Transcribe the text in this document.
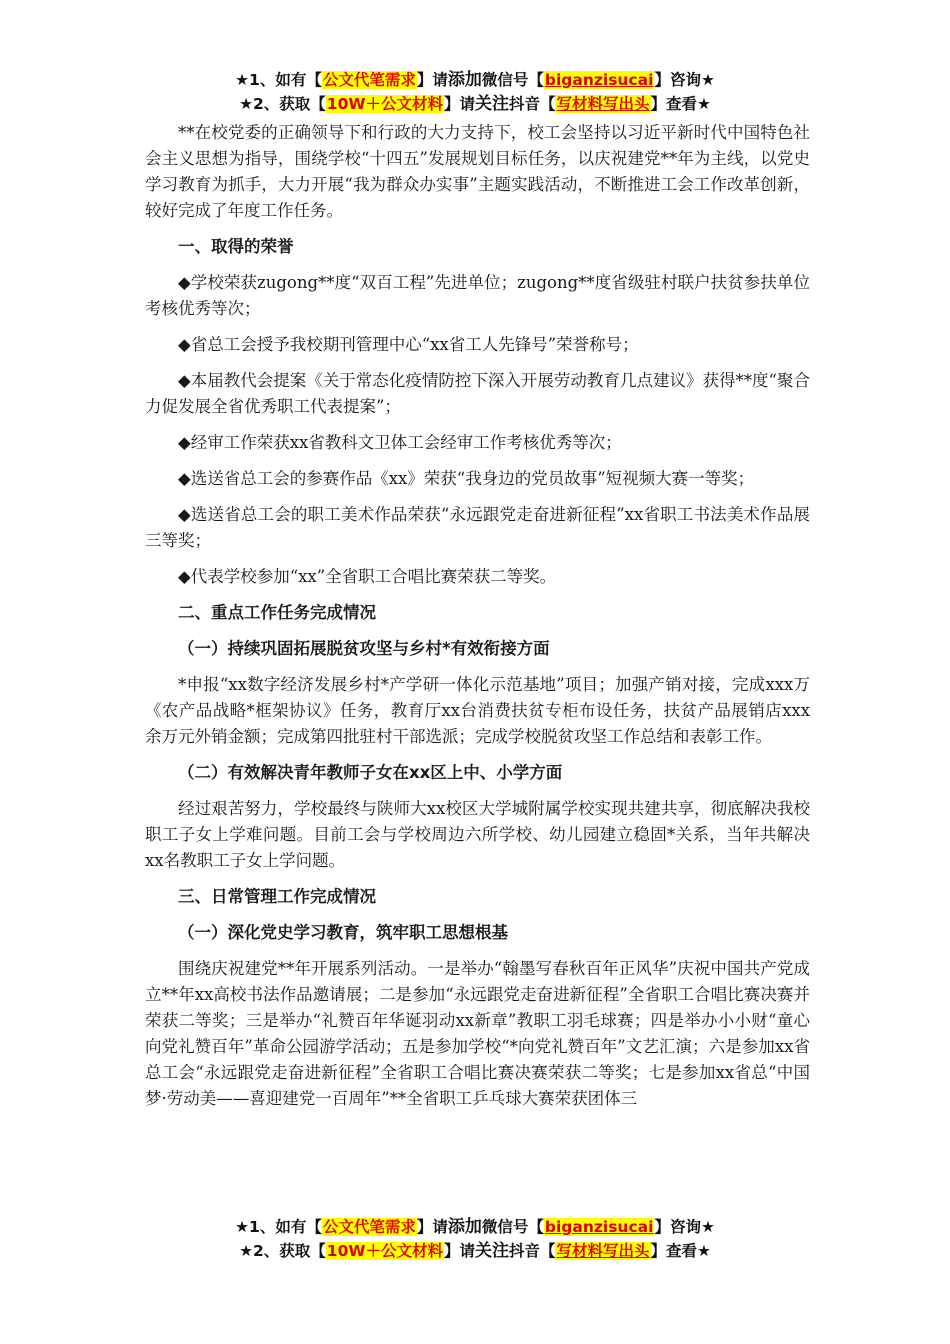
★1、如有【公文代笔需求】请添加微信号【biganzisucai】咨询★
★2、获取【10W＋公文材料】请关注抖音【写材料写出头】查看★

**在校党委的正确领导下和行政的大力支持下，校工会坚持以习近平新时代中国特色社会主义思想为指导，围绕学校“十四五”发展规划目标任务，以庆祝建党**年为主线，以党史学习教育为抓手，大力开展“我为群众办实事”主题实践活动，不断推进工会工作改革创新，较好完成了年度工作任务。

一、取得的荣誉

◆学校荣获zugong**度“双百工程”先进单位；zugong**度省级驻村联户扶贫参扶单位考核优秀等次；

◆省总工会授予我校期刊管理中心“xx省工人先锋号”荣誉称号；

◆本届教代会提案《关于常态化疫情防控下深入开展劳动教育几点建议》获得**度“聚合力促发展全省优秀职工代表提案”；

◆经审工作荣获xx省教科文卫体工会经审工作考核优秀等次；

◆选送省总工会的参赛作品《xx》荣获“我身边的党员故事”短视频大赛一等奖；

◆选送省总工会的职工美术作品荣获“永远跟党走奋进新征程”xx省职工书法美术作品展三等奖；

◆代表学校参加“xx”全省职工合唱比赛荣获二等奖。

二、重点工作任务完成情况

（一）持续巩固拓展脱贫攻坚与乡村*有效衔接方面

*申报“xx数字经济发展乡村*产学研一体化示范基地”项目；加强产销对接，完成xxx万《农产品战略*框架协议》任务，教育厅xx台消费扶贫专柜布设任务，扶贫产品展销店xxx余万元外销金额；完成第四批驻村干部选派；完成学校脱贫攻坚工作总结和表彰工作。

（二）有效解决青年教师子女在xx区上中、小学方面

经过艰苦努力，学校最终与陕师大xx校区大学城附属学校实现共建共享，彻底解决我校职工子女上学难问题。目前工会与学校周边六所学校、幼儿园建立稳固*关系，当年共解决xx名教职工子女上学问题。

三、日常管理工作完成情况

（一）深化党史学习教育，筑牢职工思想根基

围绕庆祝建党**年开展系列活动。一是举办“翰墨写春秋百年正风华”庆祝中国共产党成立**年xx高校书法作品邀请展；二是参加“永远跟党走奋进新征程”全省职工合唱比赛决赛并荣获二等奖；三是举办“礼赞百年华诞羽动xx新章”教职工羽毛球赛；四是举办小小财“童心向党礼赞百年”革命公园游学活动；五是参加学校“*向党礼赞百年”文艺汇演；六是参加xx省总工会“永远跟党走奋进新征程”全省职工合唱比赛决赛荣获二等奖；七是参加xx省总“中国梦·劳动美——喜迎建党一百周年”**全省职工乒乓球大赛荣获团体三

★1、如有【公文代笔需求】请添加微信号【biganzisucai】咨询★
★2、获取【10W＋公文材料】请关注抖音【写材料写出头】查看★
